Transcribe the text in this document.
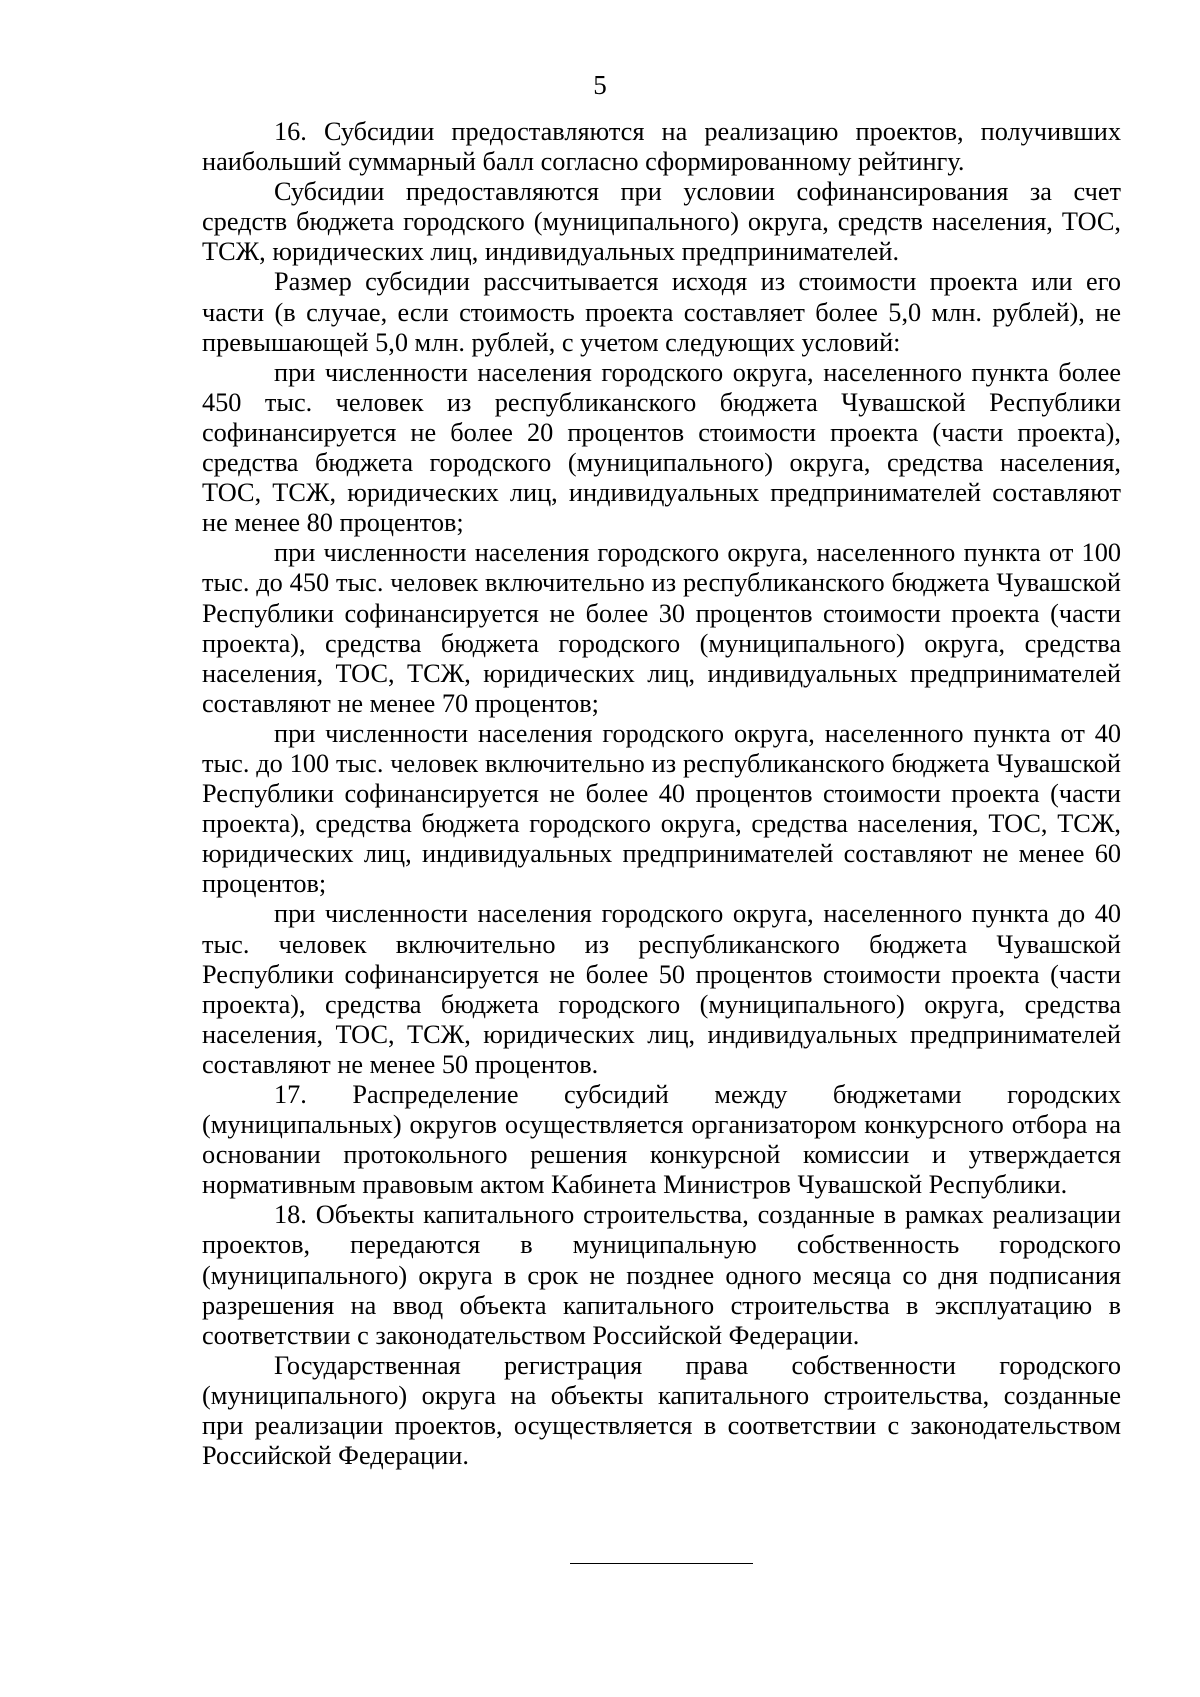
5

16. Субсидии предоставляются на реализацию проектов, получивших наибольший суммарный балл согласно сформированному рейтингу.

Субсидии предоставляются при условии софинансирования за счет средств бюджета городского (муниципального) округа, средств населения, ТОС, ТСЖ, юридических лиц, индивидуальных предпринимателей.

Размер субсидии рассчитывается исходя из стоимости проекта или его части (в случае, если стоимость проекта составляет более 5,0 млн. рублей), не превышающей 5,0 млн. рублей, с учетом следующих условий:

при численности населения городского округа, населенного пункта более 450 тыс. человек из республиканского бюджета Чувашской Республики софинансируется не более 20 процентов стоимости проекта (части проекта), средства бюджета городского (муниципального) округа, средства населения, ТОС, ТСЖ, юридических лиц, индивидуальных предпринимателей составляют не менее 80 процентов;

при численности населения городского округа, населенного пункта от 100 тыс. до 450 тыс. человек включительно из республиканского бюджета Чувашской Республики софинансируется не более 30 процентов стоимости проекта (части проекта), средства бюджета городского (муниципального) округа, средства населения, ТОС, ТСЖ, юридических лиц, индивидуальных предпринимателей составляют не менее 70 процентов;

при численности населения городского округа, населенного пункта от 40 тыс. до 100 тыс. человек включительно из республиканского бюджета Чувашской Республики софинансируется не более 40 процентов стоимости проекта (части проекта), средства бюджета городского округа, средства населения, ТОС, ТСЖ, юридических лиц, индивидуальных предпринимателей составляют не менее 60 процентов;

при численности населения городского округа, населенного пункта до 40 тыс. человек включительно из республиканского бюджета Чувашской Республики софинансируется не более 50 процентов стоимости проекта (части проекта), средства бюджета городского (муниципального) округа, средства населения, ТОС, ТСЖ, юридических лиц, индивидуальных предпринимателей составляют не менее 50 процентов.

17. Распределение субсидий между бюджетами городских (муниципальных) округов осуществляется организатором конкурсного отбора на основании протокольного решения конкурсной комиссии и утверждается нормативным правовым актом Кабинета Министров Чувашской Республики.

18. Объекты капитального строительства, созданные в рамках реализации проектов, передаются в муниципальную собственность городского (муниципального) округа в срок не позднее одного месяца со дня подписания разрешения на ввод объекта капитального строительства в эксплуатацию в соответствии с законодательством Российской Федерации.

Государственная регистрация права собственности городского (муниципального) округа на объекты капитального строительства, созданные при реализации проектов, осуществляется в соответствии с законодательством Российской Федерации.
